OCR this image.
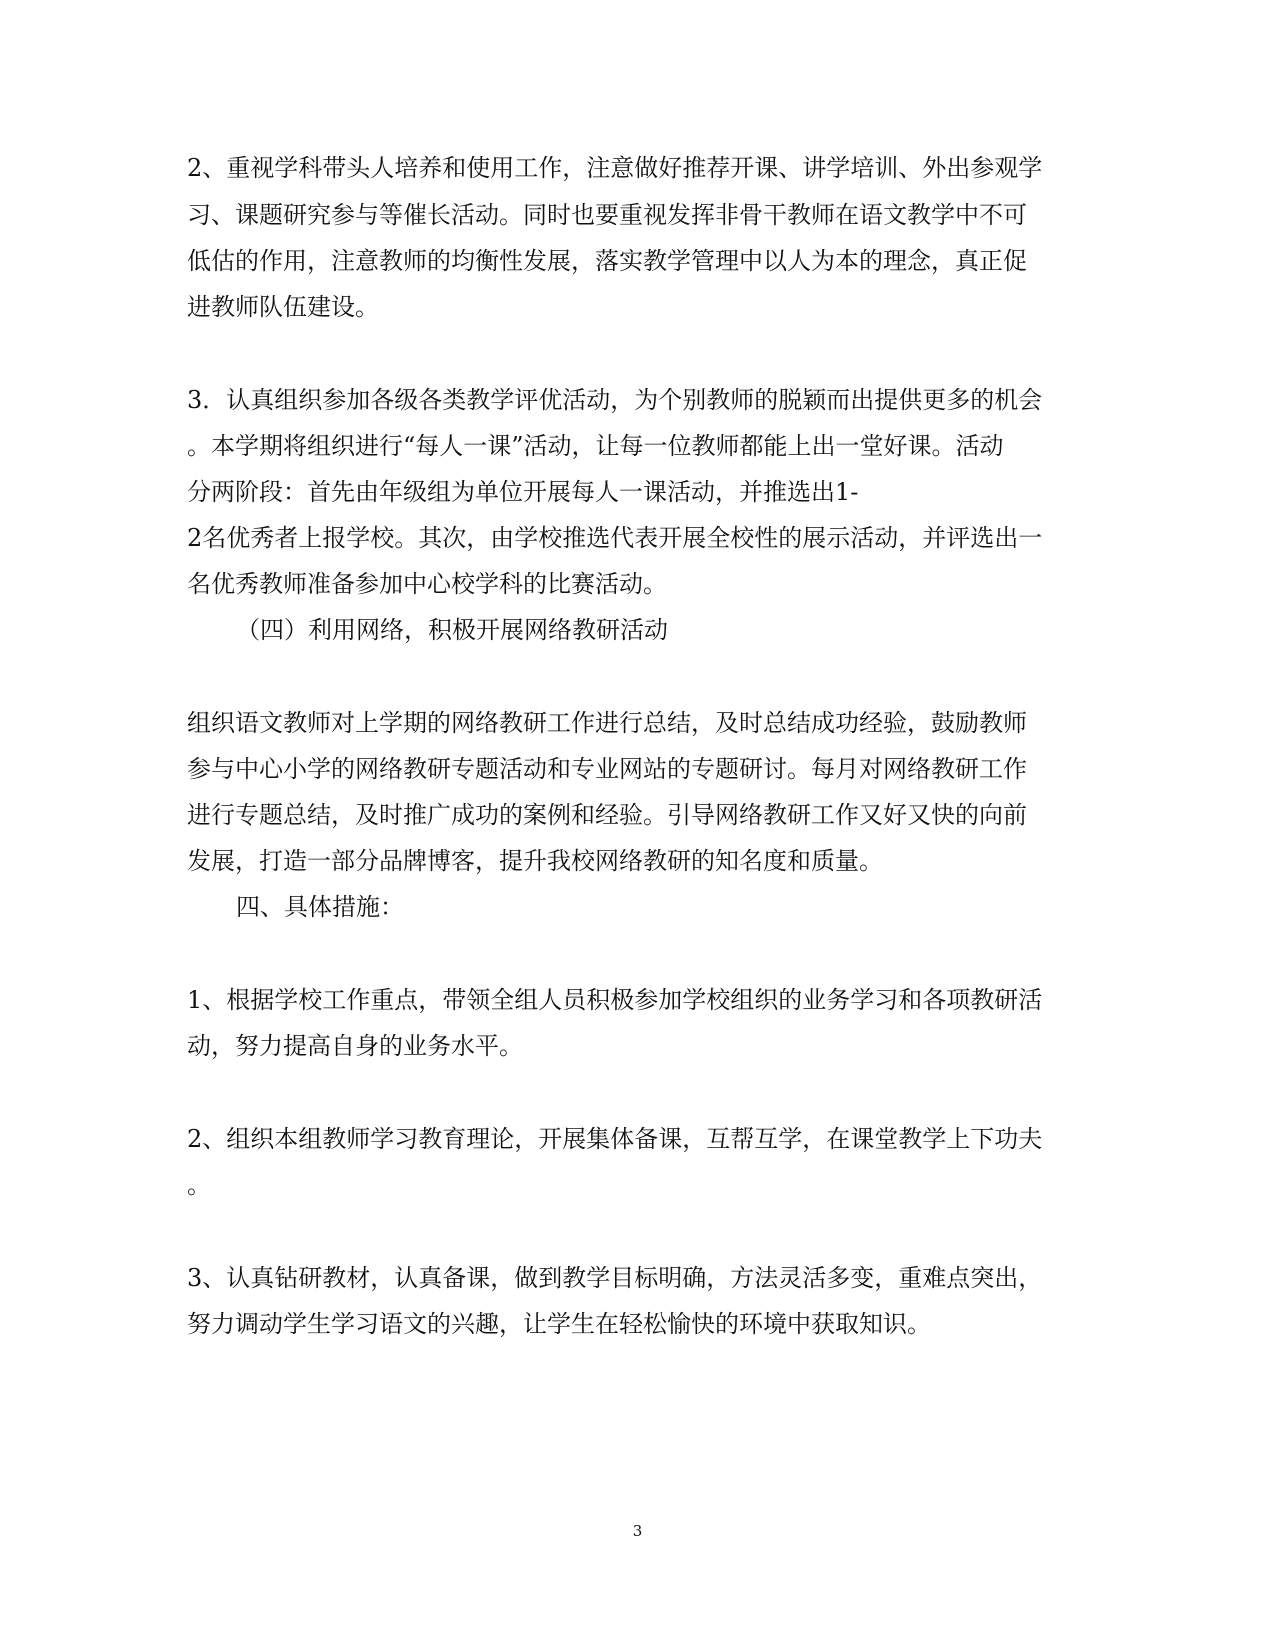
2、重视学科带头人培养和使用工作，注意做好推荐开课、讲学培训、外出参观学
习、课题研究参与等催长活动。同时也要重视发挥非骨干教师在语文教学中不可
低估的作用，注意教师的均衡性发展，落实教学管理中以人为本的理念，真正促
进教师队伍建设。
3．认真组织参加各级各类教学评优活动，为个别教师的脱颖而出提供更多的机会
。本学期将组织进行“每人一课”活动，让每一位教师都能上出一堂好课。活动
分两阶段：首先由年级组为单位开展每人一课活动，并推选出1-
2名优秀者上报学校。其次，由学校推选代表开展全校性的展示活动，并评选出一
名优秀教师准备参加中心校学科的比赛活动。
（四）利用网络，积极开展网络教研活动
组织语文教师对上学期的网络教研工作进行总结，及时总结成功经验，鼓励教师
参与中心小学的网络教研专题活动和专业网站的专题研讨。每月对网络教研工作
进行专题总结，及时推广成功的案例和经验。引导网络教研工作又好又快的向前
发展，打造一部分品牌博客，提升我校网络教研的知名度和质量。
四、具体措施：
1、根据学校工作重点，带领全组人员积极参加学校组织的业务学习和各项教研活
动，努力提高自身的业务水平。
2、组织本组教师学习教育理论，开展集体备课，互帮互学，在课堂教学上下功夫
。
3、认真钻研教材，认真备课，做到教学目标明确，方法灵活多变，重难点突出，
努力调动学生学习语文的兴趣，让学生在轻松愉快的环境中获取知识。
3
